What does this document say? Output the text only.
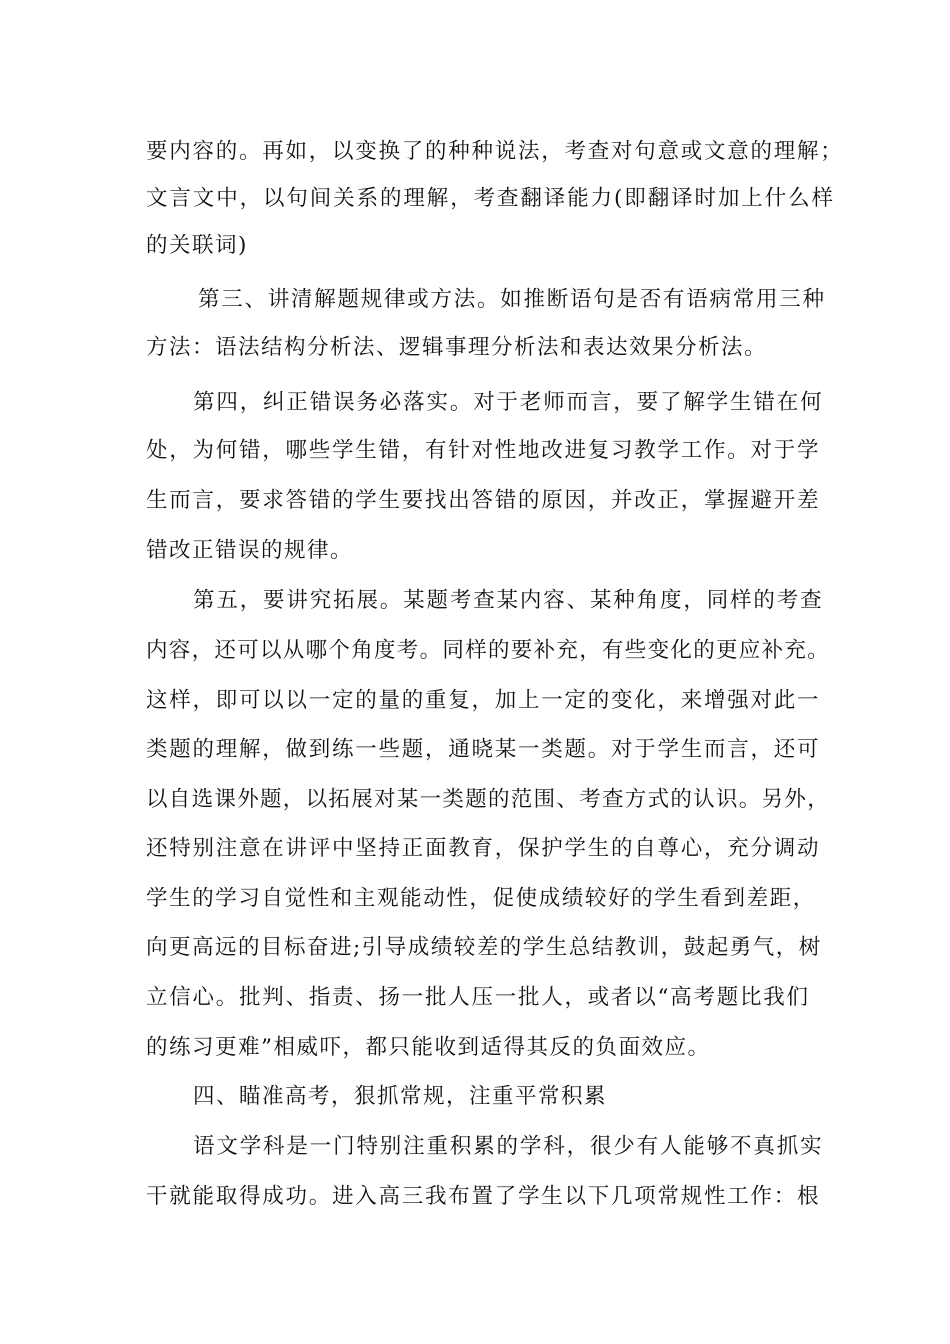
要内容的。再如，以变换了的种种说法，考查对句意或文意的理解；
文言文中，以句间关系的理解，考查翻译能力(即翻译时加上什么样
的关联词)
第三、讲清解题规律或方法。如推断语句是否有语病常用三种
方法：语法结构分析法、逻辑事理分析法和表达效果分析法。
第四，纠正错误务必落实。对于老师而言，要了解学生错在何
处，为何错，哪些学生错，有针对性地改进复习教学工作。对于学
生而言，要求答错的学生要找出答错的原因，并改正，掌握避开差
错改正错误的规律。
第五，要讲究拓展。某题考查某内容、某种角度，同样的考查
内容，还可以从哪个角度考。同样的要补充，有些变化的更应补充。
这样，即可以以一定的量的重复，加上一定的变化，来增强对此一
类题的理解，做到练一些题，通晓某一类题。对于学生而言，还可
以自选课外题，以拓展对某一类题的范围、考查方式的认识。另外，
还特别注意在讲评中坚持正面教育，保护学生的自尊心，充分调动
学生的学习自觉性和主观能动性，促使成绩较好的学生看到差距，
向更高远的目标奋进;引导成绩较差的学生总结教训，鼓起勇气，树
立信心。批判、指责、扬一批人压一批人，或者以“高考题比我们
的练习更难”相威吓，都只能收到适得其反的负面效应。
四、瞄准高考，狠抓常规，注重平常积累
语文学科是一门特别注重积累的学科，很少有人能够不真抓实
干就能取得成功。进入高三我布置了学生以下几项常规性工作：根
